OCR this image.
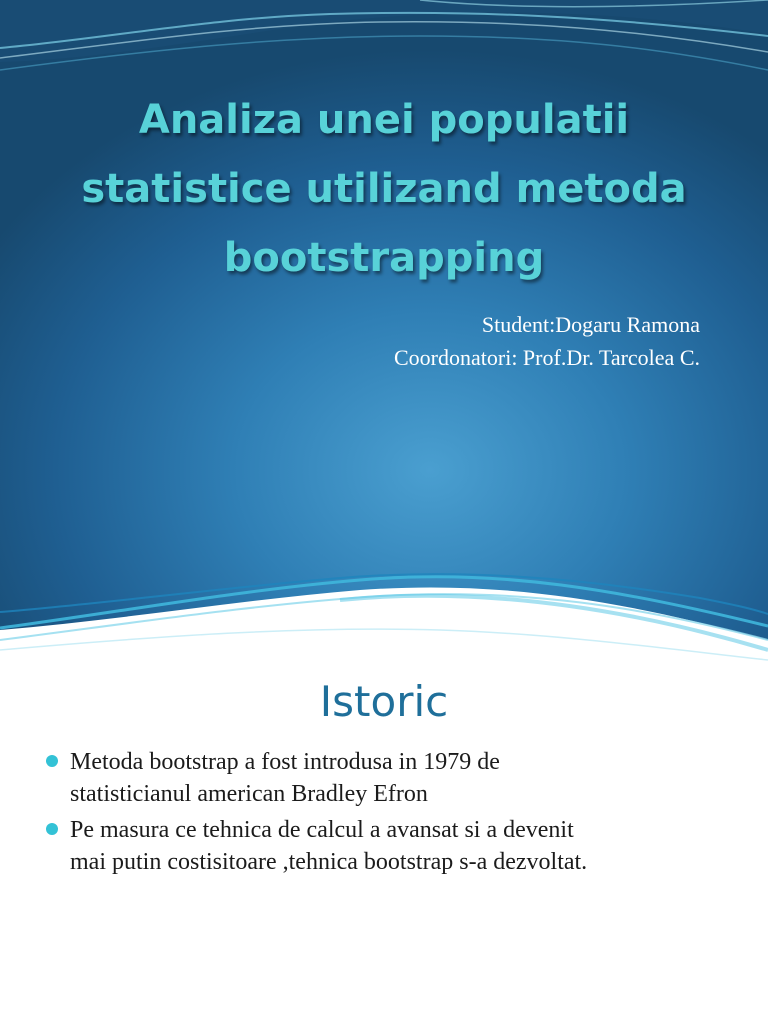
Analiza unei populatii
statistice utilizand metoda
bootstrapping
Student:Dogaru Ramona
Coordonatori: Prof.Dr. Tarcolea C.
Istoric
Metoda bootstrap a fost introdusa in 1979 de
statisticianul american Bradley Efron
Pe masura ce tehnica de calcul a avansat si a devenit
mai putin costisitoare ,tehnica bootstrap s-a dezvoltat.
